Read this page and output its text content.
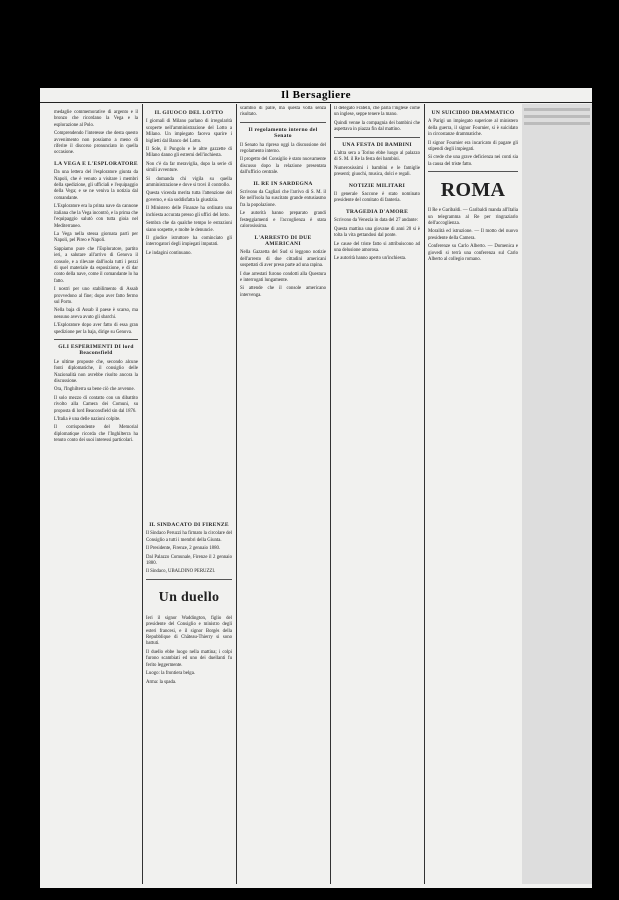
Il Bersagliere

medaglie commemorative di argento e il bronzo che ricordano la Vega e la esplorazione al Polo.

Comprendendo l'interesse che desta questo avvenimento non possiamo a meno di riferire il discorso pronunciato in quella occasione.

LA VEGA E L'ESPLORATORE

Da una lettera del l'esploratore giunta da Napoli, che è venuto a visitare i membri della spedizione, gli ufficiali e l'equipaggio della Vega; e se ne veniva la notizia dal comandante.

L'Esploratore era la prima nave da cannone italiana che la Vega incontrò, e la prima che l'equipaggio salutò con tutta gioia nel Mediterraneo.

La Vega nella stessa giornata partì per Napoli, pel Pireo e Napoli.

Sappiamo pure che l'Esploratore, partito ieri, a salutare all'arrivo di Genova il console, e a rilevare dall'isola tutti i pezzi di quel materiale da esposizione, e di dar conto della nave, come il comandante lo ha fatto.

I nostri per uno stabilimento di Assab provvedono al fine; dopo aver fatto fermo sul Porto.

Nella baja di Assab il paese è scarso, ma nessuno aveva avuto gli sbarchi.

L'Esploratore dopo aver fatto di essa gran spedizione per la baja, dirige su Genova.

GLI ESPERIMENTI DI lord Beaconsfield

Le ultime proposte che, secondo alcune fonti diplomatiche, il consiglio delle Nazionalità non avrebbe risolto ancora la discussione.

Ora, l'Inghilterra sa bene ciò che avvenne.

Il solo mezzo di contatto con un dibattito rivolto alla Camera dei Comuni, su proposta di lord Beaconsfield sin dal 1876.

L'Italia è una delle nazioni colpite.

Il corrispondente del Memorial diplomatique ricorda che l'Inghilterra ha tenuto conto dei suoi interessi particolari.

IL GIUOCO DEL LOTTO

I giornali di Milano parlano di irregolarità scoperte nell'amministrazione del Lotto a Milano. Un impiegato faceva sparire i biglietti dal Banco del Lotto.

Il Sole, il Pungolo e le altre gazzette di Milano danno gli estremi dell'inchiesta.

Non c'è da far meraviglia, dopo la serie di simili avventure.

Si domanda chi vigila su quella amministrazione e dove si trovi il controllo.

Questa vicenda merita tutta l'attenzione del governo, e sia soddisfatta la giustizia.

Il Ministero delle Finanze ha ordinato una inchiesta accurata presso gli uffici del lotto.

Sembra che da qualche tempo le estrazioni siano sospette, e molte le denuncie.

Il giudice istruttore ha cominciato gli interrogatori degli impiegati imputati.

Le indagini continuano.

IL SINDACATO DI FIRENZE

Il Sindaco Peruzzi ha firmato la circolare del Consiglio a tutti i membri della Giunta.

Il Presidente, Firenze, 2 gennaio 1880.

Dal Palazzo Comunale, Firenze il 2 gennaio 1880.

Il Sindaco, UBALDINO PERUZZI.

Un duello

Ieri il signor Waddington, figlio del presidente del Consiglio e ministro degli esteri francesi, e il signor Borgès della Repubblique di Château-Thierry si sono battuti.

Il duello ebbe luogo nella mattina; i colpi furono scambiati ed uno dei duellanti fu ferito leggermente.

Luogo: la frontiera belga.

Arma: la spada.

scambio di palle, ma questa volta senza risultato.

Il regolamento interno del Senato

Il Senato ha ripreso oggi la discussione del regolamento interno.

Il progetto del Consiglio è stato nuovamente discusso dopo la relazione presentata dall'ufficio centrale.

IL RE IN SARDEGNA

Scrivono da Cagliari che l'arrivo di S. M. il Re nell'isola ha suscitato grande entusiasmo fra la popolazione.

Le autorità hanno preparato grandi festeggiamenti e l'accoglienza è stata calorosissima.

L'ARRESTO DI DUE AMERICANI

Nella Gazzetta del Sud si leggono notizie dell'arresto di due cittadini americani sospettati di aver preso parte ad una rapina.

I due arrestati furono condotti alla Questura e interrogati lungamente.

Si attende che il console americano intervenga.

Il delegato Fratelli, che parla l'inglese come un inglese, seppe tenere la mano.

Quindi venne la compagnia dei bambini che aspettava in piazza fin dal mattino.

UNA FESTA DI BAMBINI

L'altra sera a Torino ebbe luogo al palazzo di S. M. il Re la festa dei bambini.

Numerosissimi i bambini e le famiglie presenti; giuochi, musica, dolci e regali.

NOTIZIE MILITARI

Il generale Saccone è stato nominato presidente del comitato di fanteria.

TRAGEDIA D'AMORE

Scrivono da Venezia in data del 27 andante:

Questa mattina una giovane di anni 20 si è tolta la vita gettandosi dal ponte.

Le cause del triste fatto si attribuiscono ad una delusione amorosa.

Le autorità hanno aperto un'inchiesta.

UN SUICIDIO DRAMMATICO

A Parigi un impiegato superiore al ministero della guerra, il signor Fournier, si è suicidato in circostanze drammatiche.

Il signor Fournier era incaricato di pagare gli stipendi degli impiegati.

Si crede che una grave deficienza nei conti sia la causa del triste fatto.

ROMA

Il Re e Garibaldi. — Garibaldi manda all'Italia un telegramma al Re per ringraziarlo dell'accoglienza.

Moralità ed istruzione. — Il motto del nuovo presidente della Camera.

Conferenze su Carlo Alberto. — Domenica e giovedì si terrà una conferenza sul Carlo Alberto al collegio romano.
